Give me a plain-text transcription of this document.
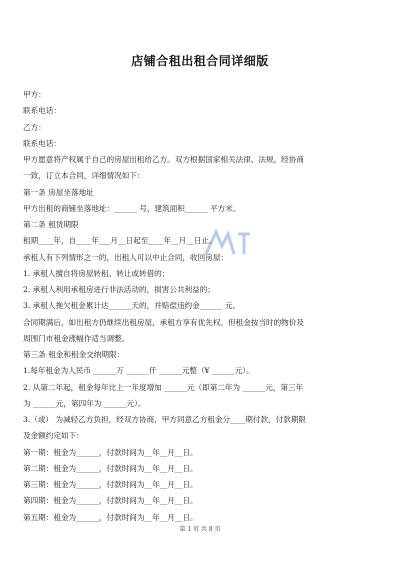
店铺合租出租合同详细版
甲方：
联系电话：
乙方：
联系电话：
甲方愿意将产权属于自己的房屋出租给乙方。双方根据国家相关法律、法规，经协商
一致，订立本合同，详细情况如下：
第一条 房屋坐落地址
甲方出租的商铺坐落地址：______ 号，建筑面积______ 平方米。
第二条 租赁期限
租期____年，自____年___月__日起至____年__月__日止。
承租人有下列情形之一的，出租人可以中止合同，收回房屋：
1. 承租人擅自将房屋转租、转让或转借的；
2. 承租人利用承租房进行非法活动的，损害公共利益的；
3. 承租人拖欠租金累计达______天的，并赔偿违约金______ 元。
合同期满后，如出租方仍继续出租房屋，承租方享有优先权。但租金按当时的物价及
周围门市租金涨幅作适当调整。
第三条 租金和租金交纳期限：
1.每年租金为人民币 ______万 ______仟 ______元整（¥ ______元）。
2. 从第二年起，租金每年比上一年度增加 ______元（即第二年为 ______元，第三年
为 ______元，第四年为 ______元）。
3.（或） 为减轻乙方负担，经双方协商，甲方同意乙方租金分____期付款，付款期限
及金额约定如下：
第一期：租金为______，付款时间为__年__月__日。
第二期：租金为______，付款时间为__年__月__日。
第三期：租金为______，付款时间为__年__月__日。
第四期：租金为______，付款时间为__年__月__日。
第五期：租金为______，付款时间为__年__月__日。
第 1 页 共 8 页
